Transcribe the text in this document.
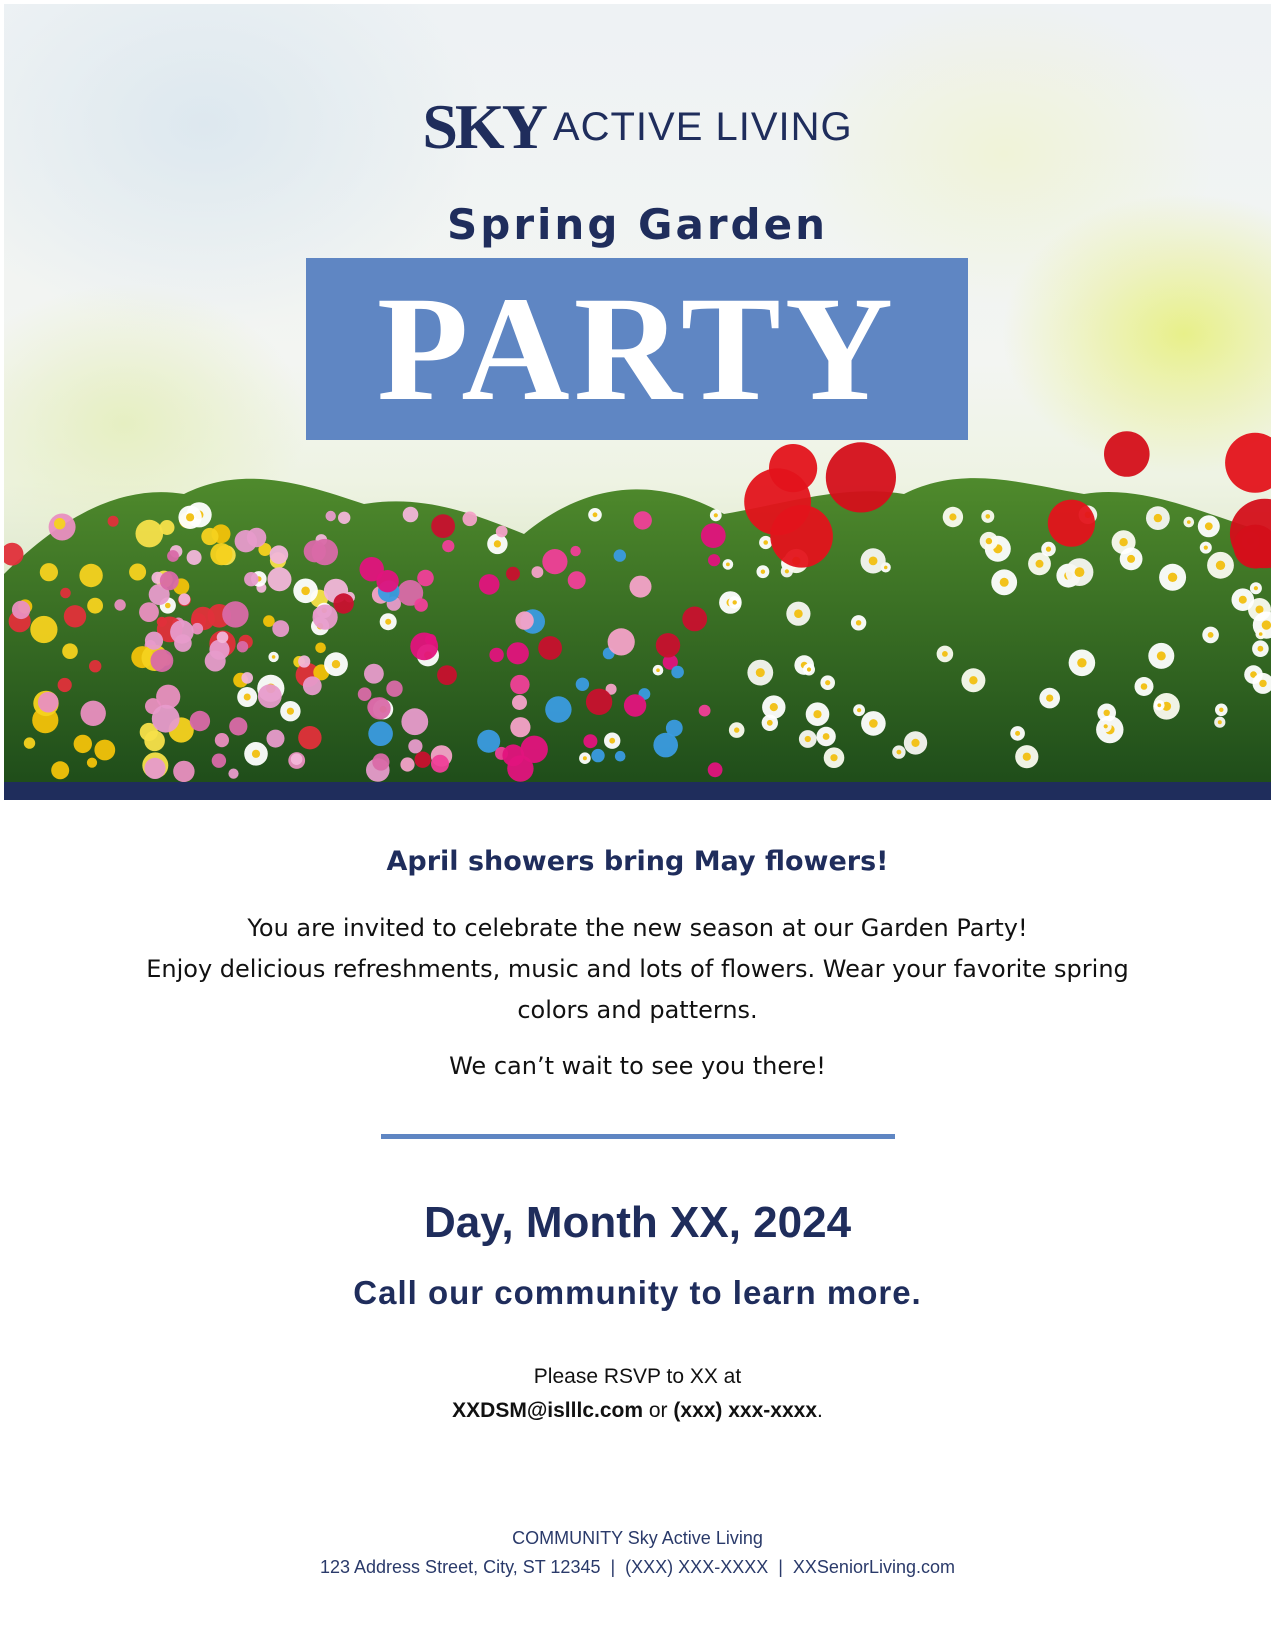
SKY ACTIVE LIVING
Spring Garden
PARTY
April showers bring May flowers!

You are invited to celebrate the new season at our Garden Party!

Enjoy delicious refreshments, music and lots of flowers. Wear your favorite spring colors and patterns.

We can’t wait to see you there!
Day, Month XX, 2024
Call our community to learn more.

Please RSVP to XX at

XXDSM@islllc.com or (xxx) xxx-xxxx.

COMMUNITY Sky Active Living

123 Address Street, City, ST 12345 | (XXX) XXX-XXXX | XXSeniorLiving.com
